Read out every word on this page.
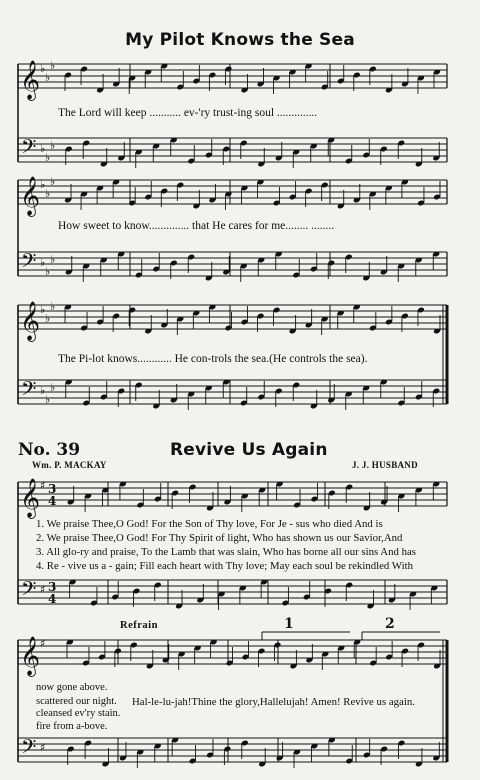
My Pilot Knows the Sea
𝄞 ♭
♭
♭
𝄢 ♭
♭
♭
𝄞 ♭
♭
♭
𝄢 ♭
♭
♭
𝄞 ♭
♭
♭
𝄢 ♭
♭
♭
𝄞 ♯ 3
4
𝄢 ♯ 3
4
𝄞 ♯
𝄢 ♯
The Lord will keep ........... ev-'ry trust-ing soul ..............
How sweet to know.............. that He cares for me........ ........
The Pi-lot knows............ He con-trols the sea.(He controls the sea).
No. 39	Revive Us Again
Wm. P. MACKAY	J. J. HUSBAND
1. We praise Thee,O God! For the Son of Thy love, For Je - sus who died And is
2. We praise Thee,O God! For Thy Spirit of light, Who has shown us our Savior,And
3. All glo-ry and praise, To the Lamb that was slain, Who has borne all our sins And has
4. Re - vive us a - gain; Fill each heart with Thy love; May each soul be rekindled With
Refrain	1	2
now gone above.
scattered our night. Hal-le-lu-jah!Thine the glory,Hallelujah! Amen! Revive us again.
cleansed ev'ry stain.
fire from a-bove.
